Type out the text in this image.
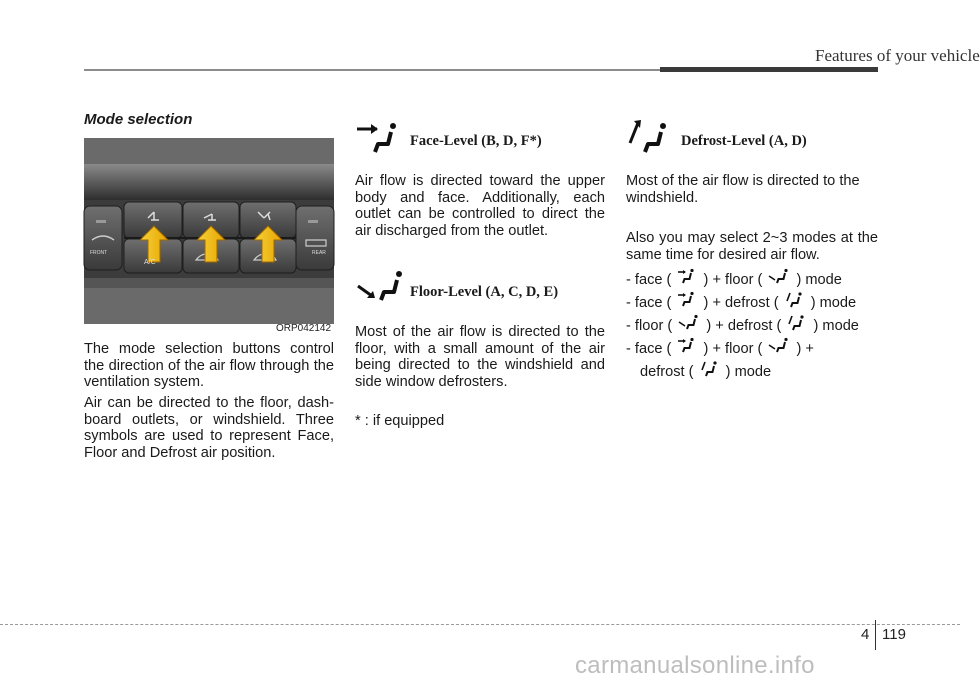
Features of your vehicle
Mode selection
FRONT
A/C
REAR
ORP042142
The mode selection buttons control the direction of the air flow through the ventilation system.
Air can be directed to the floor, dash-board outlets, or windshield. Three symbols are used to represent Face, Floor and Defrost air position.
Face-Level (B, D, F*)
Air flow is directed toward the upper body and face. Additionally, each outlet can be controlled to direct the air discharged from the outlet.
Floor-Level (A, C, D, E)
Most of the air flow is directed to the floor, with a small amount of the air being directed to the windshield and side window defrosters.
* : if equipped
Defrost-Level (A, D)
Most of the air flow is directed to the windshield.
Also you may select 2~3 modes at the same time for desired air flow.
- face ( ) + floor ( ) mode
- face ( ) + defrost ( ) mode
- floor ( ) + defrost ( ) mode
- face ( ) + floor ( ) +
defrost ( ) mode
4 119
carmanualsonline.info
